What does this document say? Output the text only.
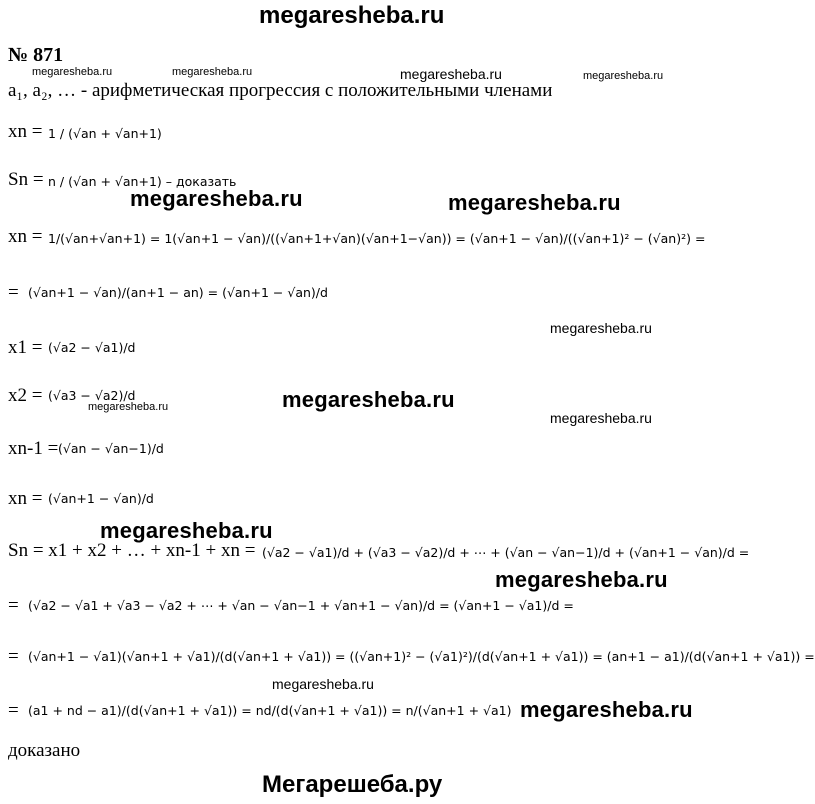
megaresheba.ru
№ 871
megaresheba.ru	megaresheba.ru	megaresheba.ru	megaresheba.ru
a₁, a₂, … - арифметическая прогрессия с положительными членами
xn = 1 / (√an + √an+1)
Sn = n / (√an + √an+1) – доказать
megaresheba.ru	megaresheba.ru
xn = 1/(√an+√an+1) = 1(√an+1 − √an)/((√an+1+√an)(√an+1−√an)) = (√an+1 − √an)/((√an+1)² − (√an)²) =
= (√an+1 − √an)/(an+1 − an) = (√an+1 − √an)/d
megaresheba.ru
x1 = (√a2 − √a1)/d
x2 = (√a3 − √a2)/d
megaresheba.ru	megaresheba.ru
megaresheba.ru
xn-1 = (√an − √an−1)/d
xn = (√an+1 − √an)/d
megaresheba.ru
Sn = x1 + x2 + … + xn-1 + xn = (√a2 − √a1)/d + (√a3 − √a2)/d + ⋯ + (√an − √an−1)/d + (√an+1 − √an)/d =
megaresheba.ru
= (√a2 − √a1 + √a3 − √a2 + ⋯ + √an − √an−1 + √an+1 − √an)/d = (√an+1 − √a1)/d =
= (√an+1 − √a1)(√an+1 + √a1)/(d(√an+1 + √a1)) = ((√an+1)² − (√a1)²)/(d(√an+1 + √a1)) = (an+1 − a1)/(d(√an+1 + √a1)) =
megaresheba.ru
= (a1 + nd − a1)/(d(√an+1 + √a1)) = nd/(d(√an+1 + √a1)) = n/(√an+1 + √a1) megaresheba.ru
доказано
Мегарешеба.ру
